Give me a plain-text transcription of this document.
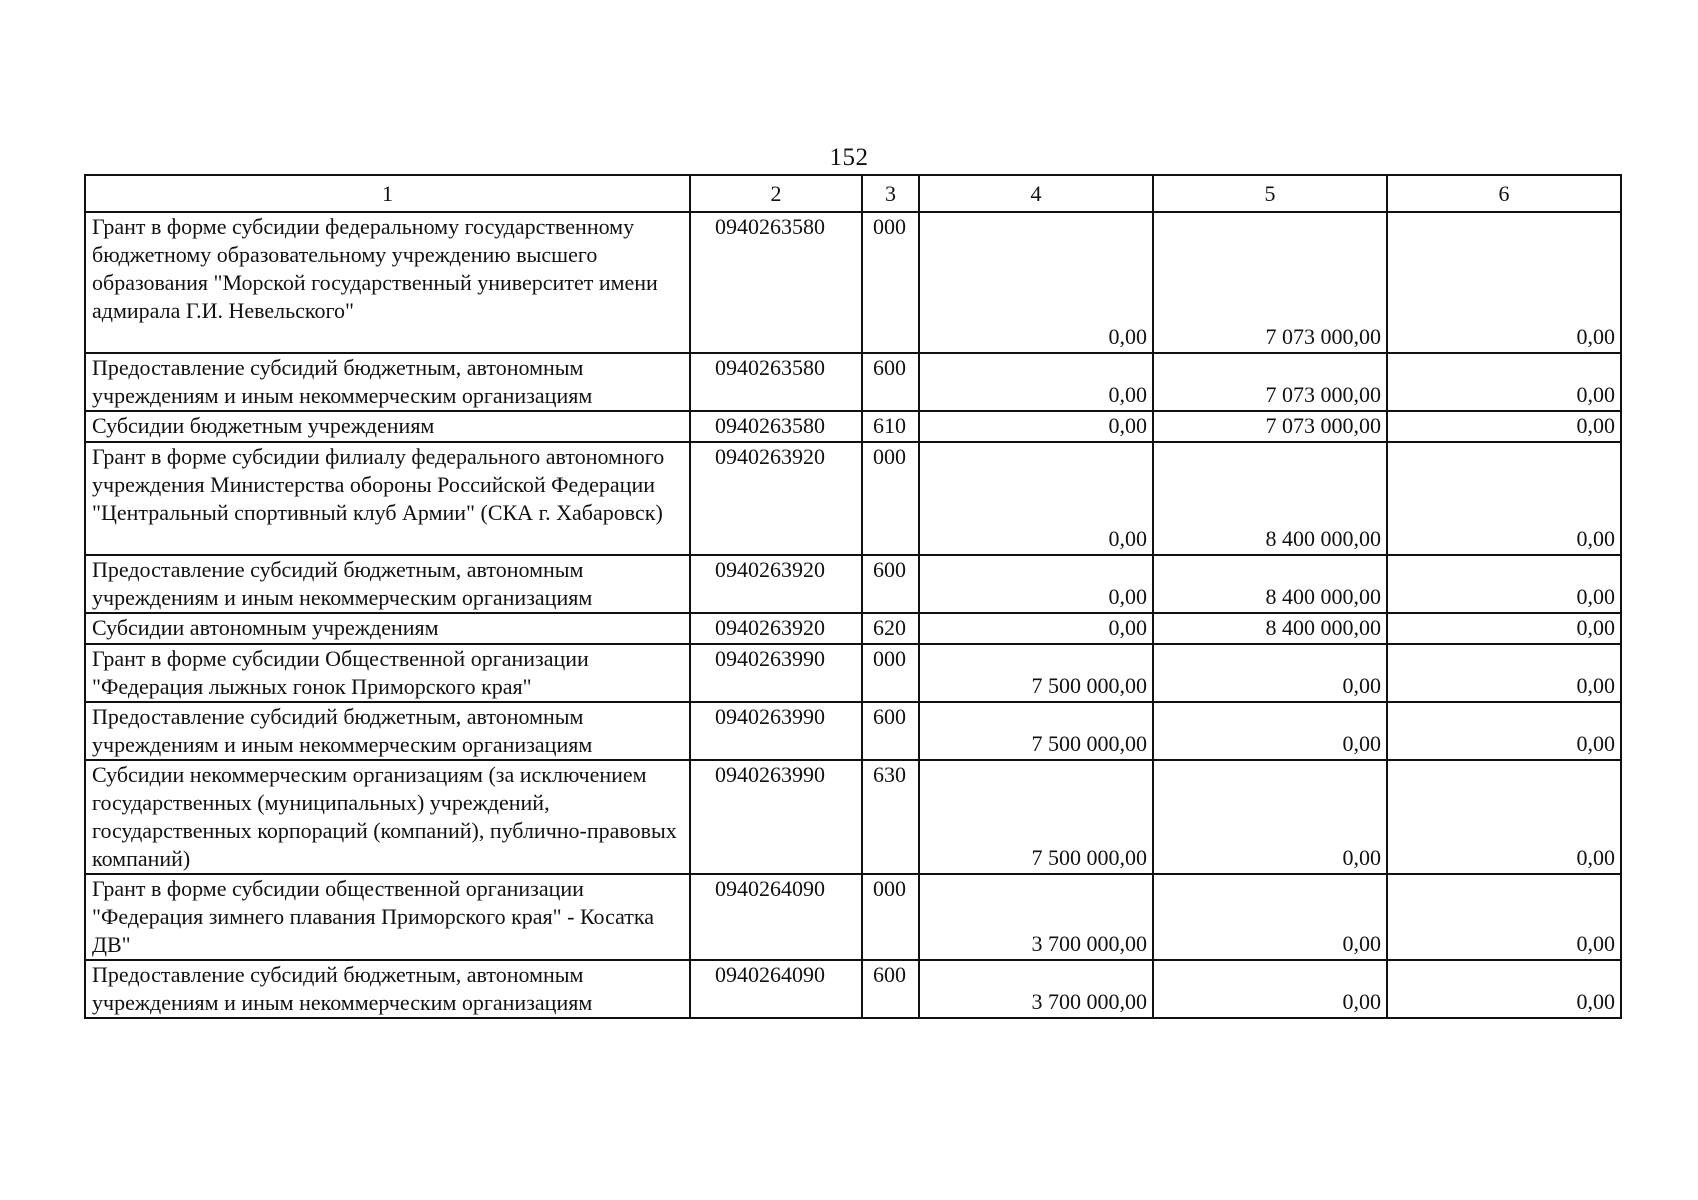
152
1	2	3	4	5	6
Грант в форме субсидии федеральному государственному бюджетному образовательному учреждению высшего образования "Морской государственный университет имени адмирала Г.И. Невельского"	0940263580	000	0,00	7 073 000,00	0,00
Предоставление субсидий бюджетным, автономным учреждениям и иным некоммерческим организациям	0940263580	600	0,00	7 073 000,00	0,00
Субсидии бюджетным учреждениям	0940263580	610	0,00	7 073 000,00	0,00
Грант в форме субсидии филиалу федерального автономного учреждения Министерства обороны Российской Федерации "Центральный спортивный клуб Армии" (СКА г. Хабаровск)	0940263920	000	0,00	8 400 000,00	0,00
Предоставление субсидий бюджетным, автономным учреждениям и иным некоммерческим организациям	0940263920	600	0,00	8 400 000,00	0,00
Субсидии автономным учреждениям	0940263920	620	0,00	8 400 000,00	0,00
Грант в форме субсидии Общественной организации "Федерация лыжных гонок Приморского края"	0940263990	000	7 500 000,00	0,00	0,00
Предоставление субсидий бюджетным, автономным учреждениям и иным некоммерческим организациям	0940263990	600	7 500 000,00	0,00	0,00
Субсидии некоммерческим организациям (за исключением государственных (муниципальных) учреждений, государственных корпораций (компаний), публично-правовых компаний)	0940263990	630	7 500 000,00	0,00	0,00
Грант в форме субсидии общественной организации "Федерация зимнего плавания Приморского края" - Косатка ДВ"	0940264090	000	3 700 000,00	0,00	0,00
Предоставление субсидий бюджетным, автономным учреждениям и иным некоммерческим организациям	0940264090	600	3 700 000,00	0,00	0,00
